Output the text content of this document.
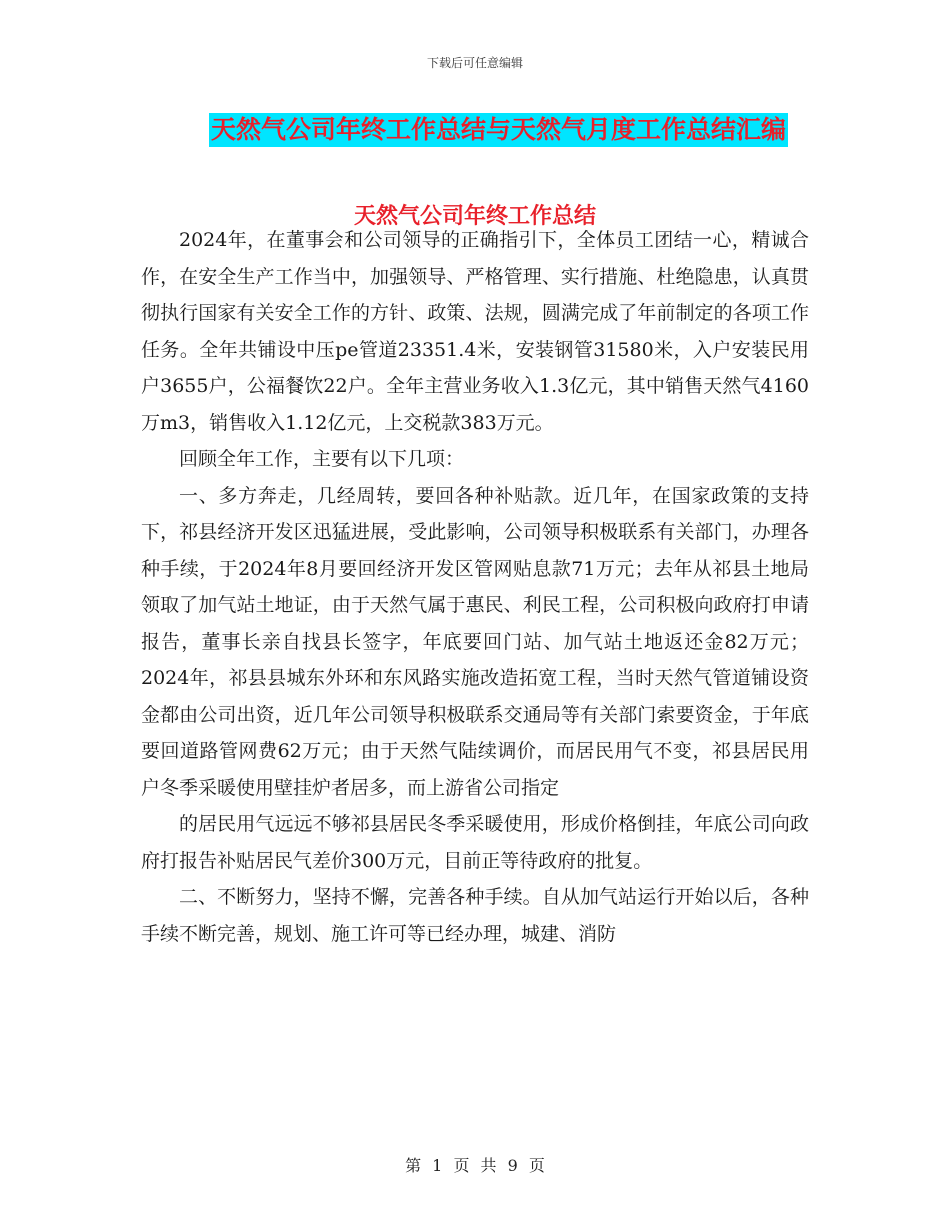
下载后可任意编辑
天然气公司年终工作总结与天然气月度工作总结汇编
天然气公司年终工作总结

2024年，在董事会和公司领导的正确指引下，全体员工团结一心，精诚合作，在安全生产工作当中，加强领导、严格管理、实行措施、杜绝隐患，认真贯彻执行国家有关安全工作的方针、政策、法规，圆满完成了年前制定的各项工作任务。全年共铺设中压pe管道23351.4米，安装钢管31580米，入户安装民用户3655户，公福餐饮22户。全年主营业务收入1.3亿元，其中销售天然气4160万m3，销售收入1.12亿元，上交税款383万元。

回顾全年工作，主要有以下几项：

一、多方奔走，几经周转，要回各种补贴款。近几年，在国家政策的支持下，祁县经济开发区迅猛进展，受此影响，公司领导积极联系有关部门，办理各种手续，于2024年8月要回经济开发区管网贴息款71万元；去年从祁县土地局领取了加气站土地证，由于天然气属于惠民、利民工程，公司积极向政府打申请报告，董事长亲自找县长签字，年底要回门站、加气站土地返还金82万元；2024年，祁县县城东外环和东风路实施改造拓宽工程，当时天然气管道铺设资金都由公司出资，近几年公司领导积极联系交通局等有关部门索要资金，于年底要回道路管网费62万元；由于天然气陆续调价，而居民用气不变，祁县居民用户冬季采暖使用壁挂炉者居多，而上游省公司指定

的居民用气远远不够祁县居民冬季采暖使用，形成价格倒挂，年底公司向政府打报告补贴居民气差价300万元，目前正等待政府的批复。

二、不断努力，坚持不懈，完善各种手续。自从加气站运行开始以后，各种手续不断完善，规划、施工许可等已经办理，城建、消防

第 1 页 共 9 页
